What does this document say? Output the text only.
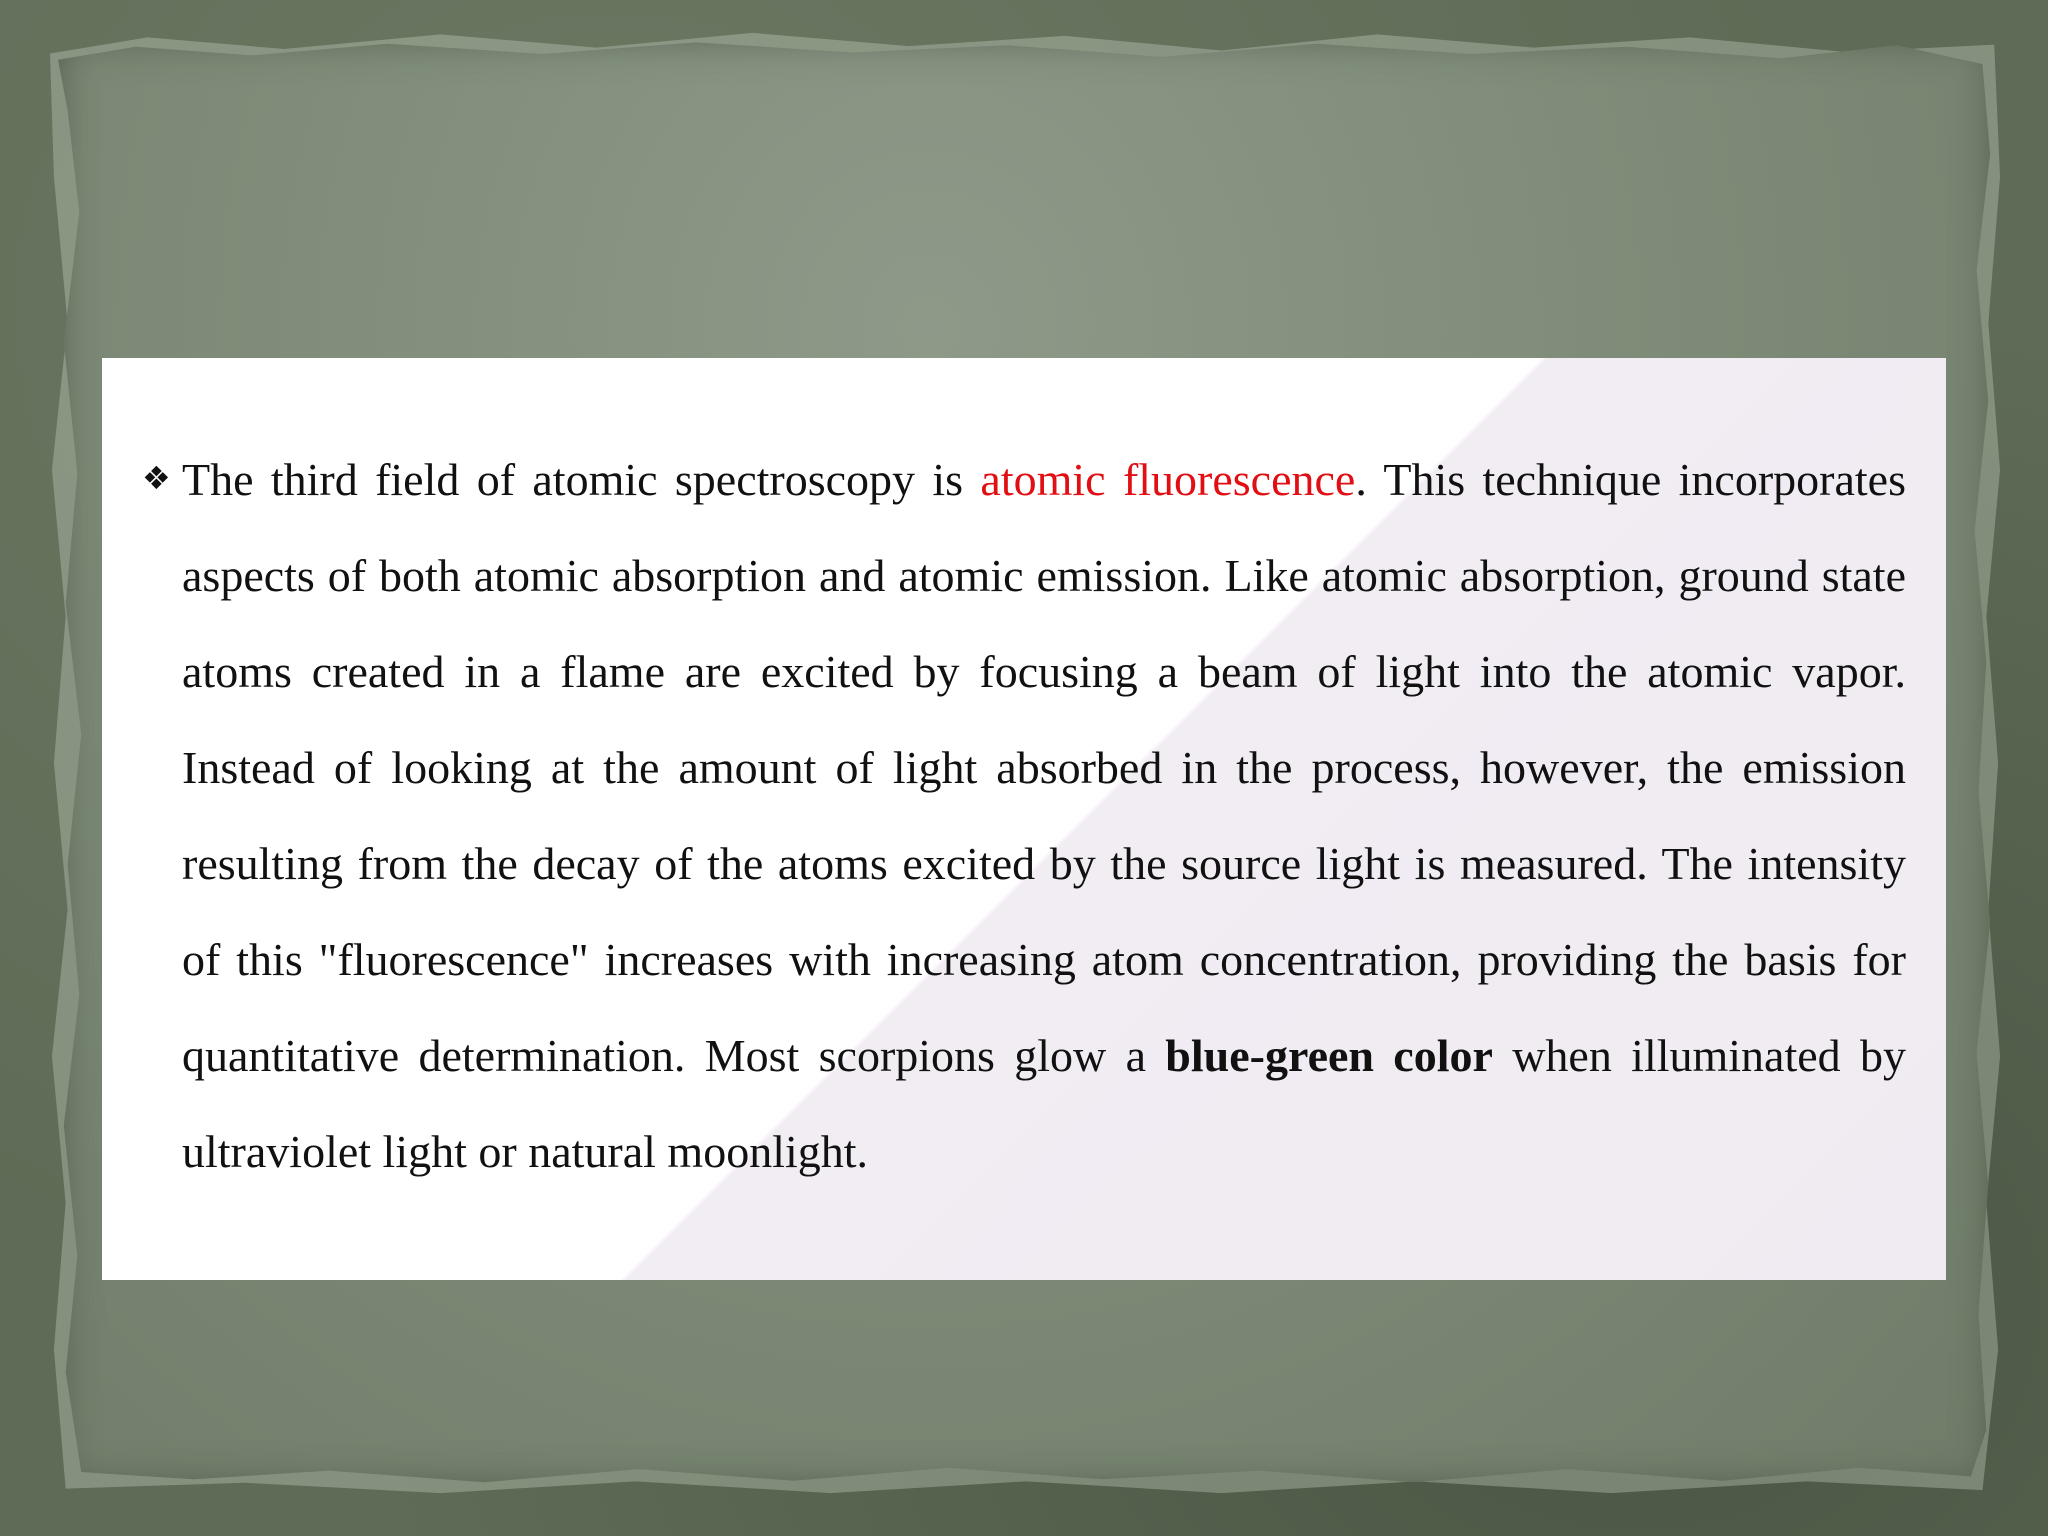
❖ The third field of atomic spectroscopy is atomic fluorescence. This technique incorporates aspects of both atomic absorption and atomic emission. Like atomic absorption, ground state atoms created in a flame are excited by focusing a beam of light into the atomic vapor. Instead of looking at the amount of light absorbed in the process, however, the emission resulting from the decay of the atoms excited by the source light is measured. The intensity of this "fluorescence" increases with increasing atom concentration, providing the basis for quantitative determination. Most scorpions glow a blue-green color when illuminated by ultraviolet light or natural moonlight.
